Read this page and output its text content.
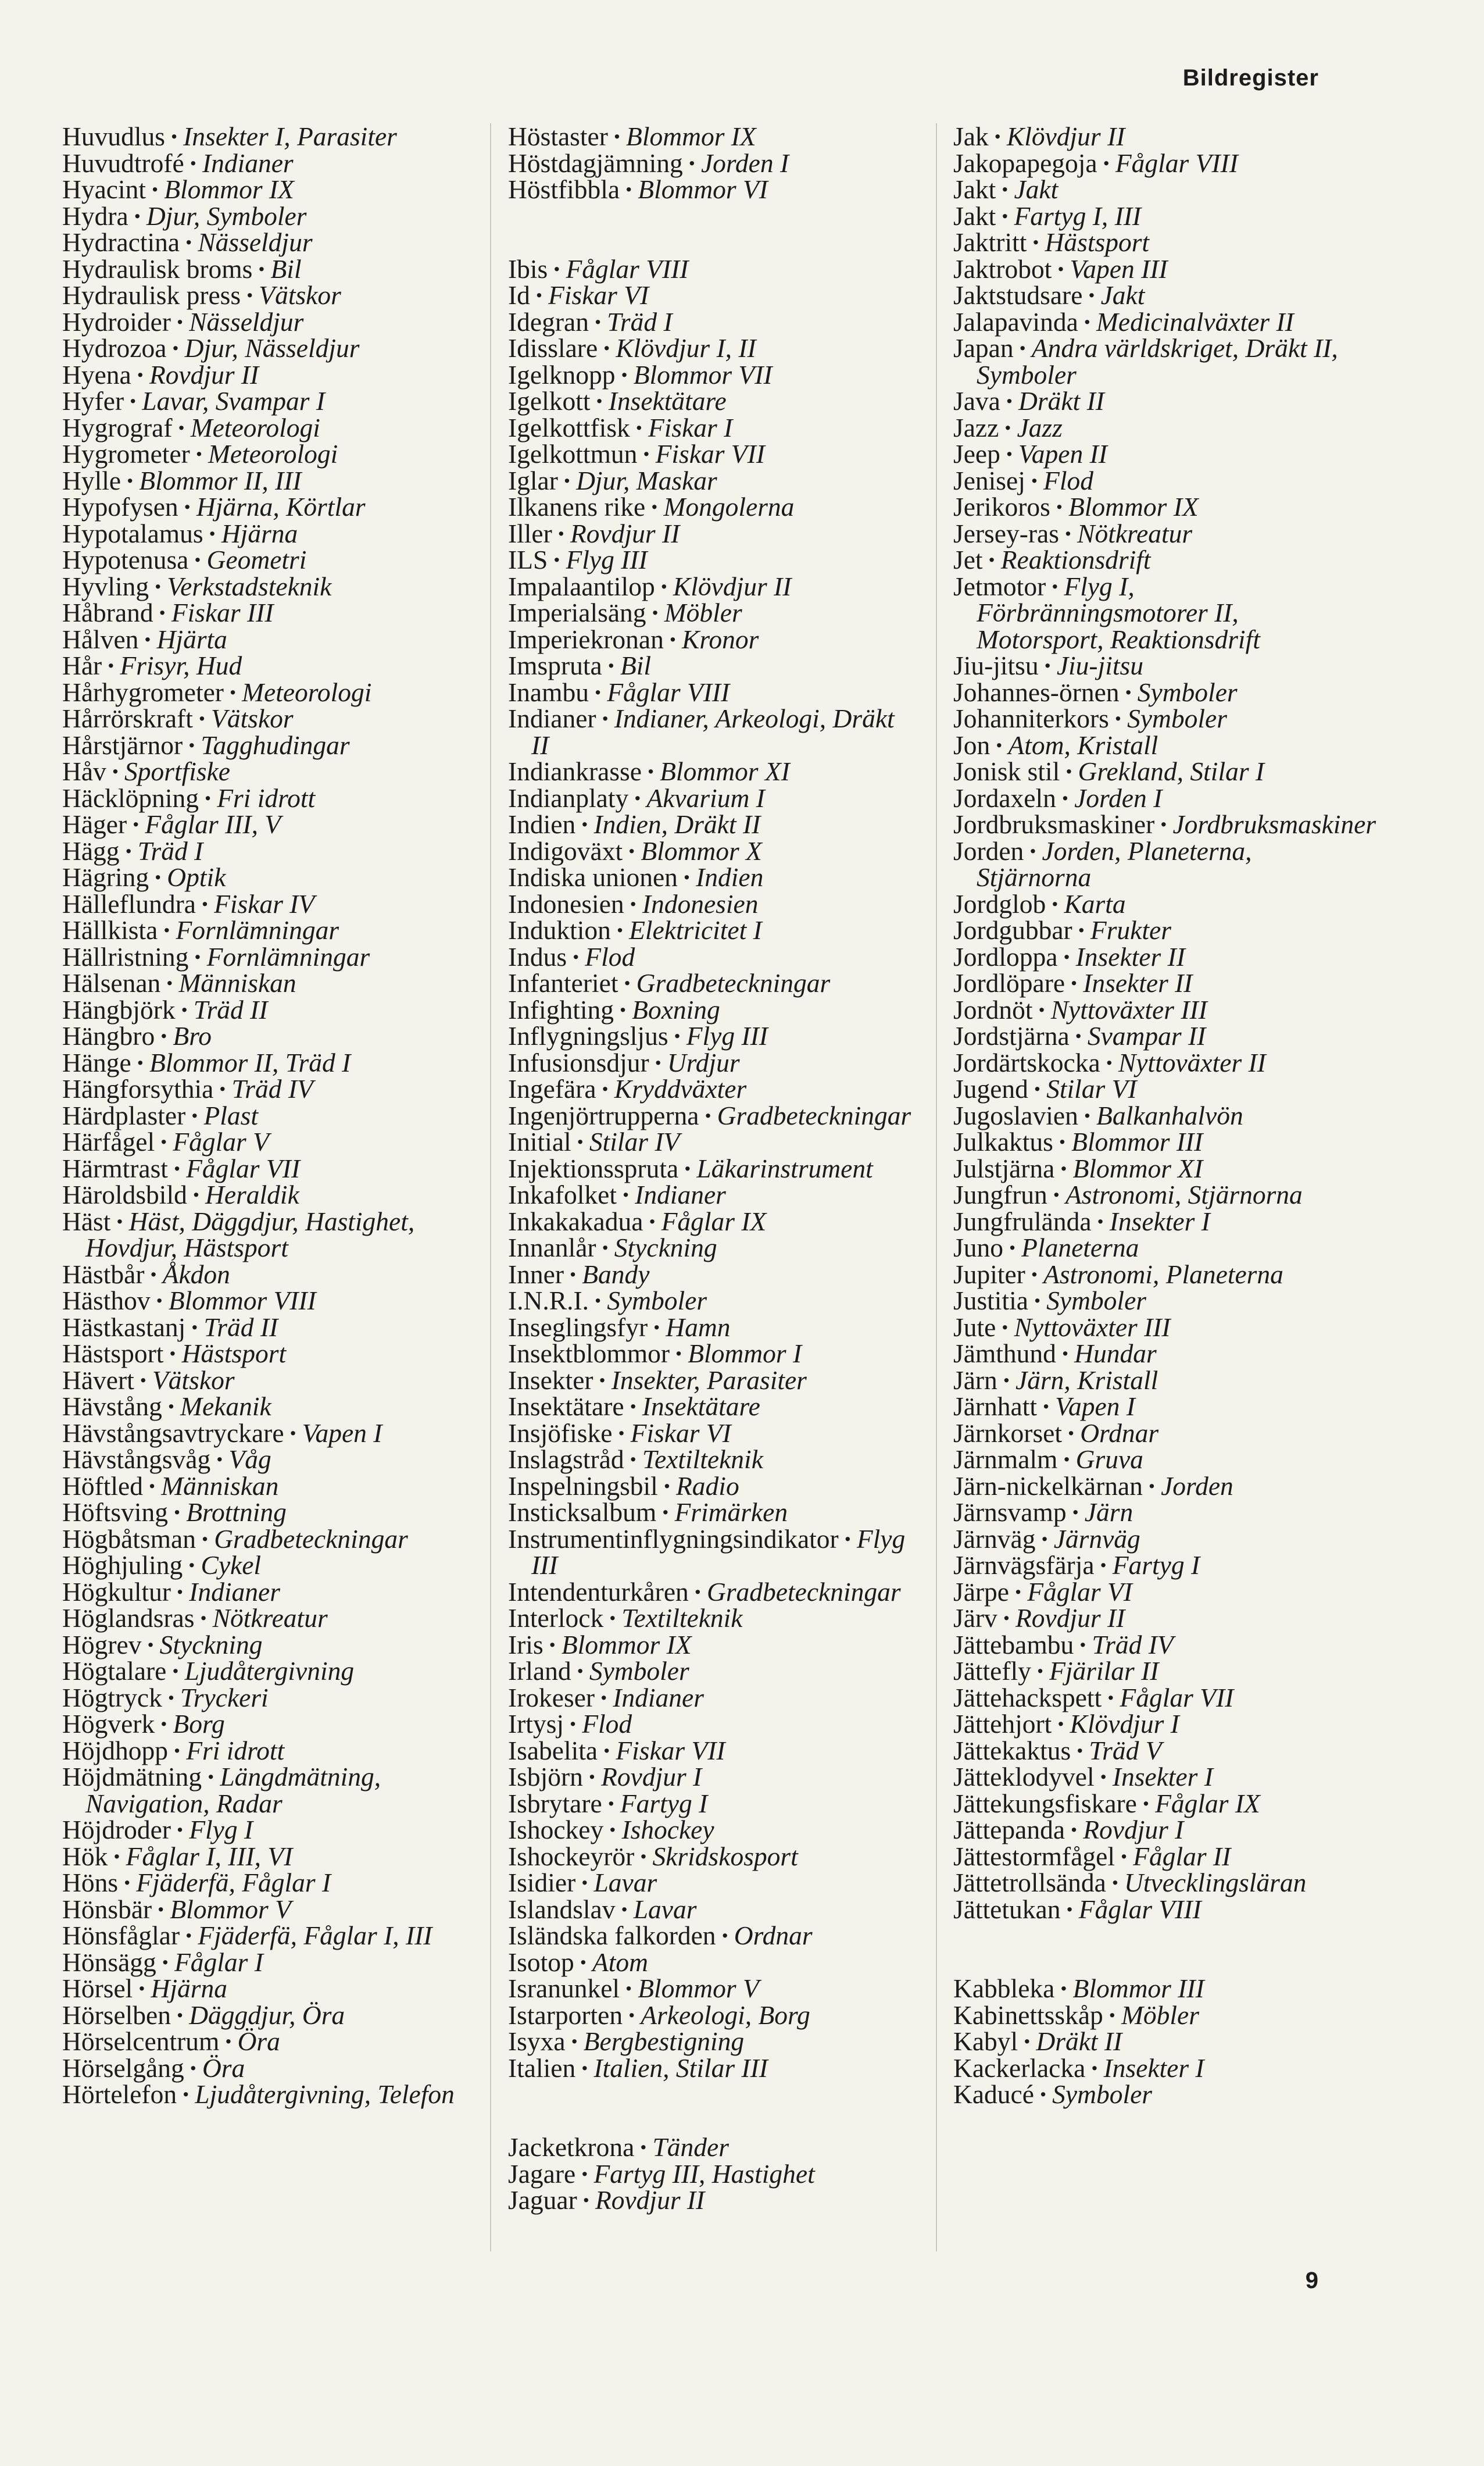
Bildregister

Huvudlus · Insekter I, Parasiter

Huvudtrofé · Indianer

Hyacint · Blommor IX

Hydra · Djur, Symboler

Hydractina · Nässeldjur

Hydraulisk broms · Bil

Hydraulisk press · Vätskor

Hydroider · Nässeldjur

Hydrozoa · Djur, Nässeldjur

Hyena · Rovdjur II

Hyfer · Lavar, Svampar I

Hygrograf · Meteorologi

Hygrometer · Meteorologi

Hylle · Blommor II, III

Hypofysen · Hjärna, Körtlar

Hypotalamus · Hjärna

Hypotenusa · Geometri

Hyvling · Verkstadsteknik

Håbrand · Fiskar III

Hålven · Hjärta

Hår · Frisyr, Hud

Hårhygrometer · Meteorologi

Hårrörskraft · Vätskor

Hårstjärnor · Tagghudingar

Håv · Sportfiske

Häcklöpning · Fri idrott

Häger · Fåglar III, V

Hägg · Träd I

Hägring · Optik

Hälleflundra · Fiskar IV

Hällkista · Fornlämningar

Hällristning · Fornlämningar

Hälsenan · Människan

Hängbjörk · Träd II

Hängbro · Bro

Hänge · Blommor II, Träd I

Hängforsythia · Träd IV

Härdplaster · Plast

Härfågel · Fåglar V

Härmtrast · Fåglar VII

Häroldsbild · Heraldik

Häst · Häst, Däggdjur, Hastighet, Hovdjur, Hästsport

Hästbår · Åkdon

Hästhov · Blommor VIII

Hästkastanj · Träd II

Hästsport · Hästsport

Hävert · Vätskor

Hävstång · Mekanik

Hävstångsavtryckare · Vapen I

Hävstångsvåg · Våg

Höftled · Människan

Höftsving · Brottning

Högbåtsman · Gradbeteckningar

Höghjuling · Cykel

Högkultur · Indianer

Höglandsras · Nötkreatur

Högrev · Styckning

Högtalare · Ljudåtergivning

Högtryck · Tryckeri

Högverk · Borg

Höjdhopp · Fri idrott

Höjdmätning · Längdmätning, Navigation, Radar

Höjdroder · Flyg I

Hök · Fåglar I, III, VI

Höns · Fjäderfä, Fåglar I

Hönsbär · Blommor V

Hönsfåglar · Fjäderfä, Fåglar I, III

Hönsägg · Fåglar I

Hörsel · Hjärna

Hörselben · Däggdjur, Öra

Hörselcentrum · Öra

Hörselgång · Öra

Hörtelefon · Ljudåtergivning, Telefon

Höstaster · Blommor IX

Höstdagjämning · Jorden I

Höstfibbla · Blommor VI

Ibis · Fåglar VIII

Id · Fiskar VI

Idegran · Träd I

Idisslare · Klövdjur I, II

Igelknopp · Blommor VII

Igelkott · Insektätare

Igelkottfisk · Fiskar I

Igelkottmun · Fiskar VII

Iglar · Djur, Maskar

Ilkanens rike · Mongolerna

Iller · Rovdjur II

ILS · Flyg III

Impalaantilop · Klövdjur II

Imperialsäng · Möbler

Imperiekronan · Kronor

Imspruta · Bil

Inambu · Fåglar VIII

Indianer · Indianer, Arkeologi, Dräkt II

Indiankrasse · Blommor XI

Indianplaty · Akvarium I

Indien · Indien, Dräkt II

Indigoväxt · Blommor X

Indiska unionen · Indien

Indonesien · Indonesien

Induktion · Elektricitet I

Indus · Flod

Infanteriet · Gradbeteckningar

Infighting · Boxning

Inflygningsljus · Flyg III

Infusionsdjur · Urdjur

Ingefära · Kryddväxter

Ingenjörtrupperna · Gradbeteckningar

Initial · Stilar IV

Injektionsspruta · Läkarinstrument

Inkafolket · Indianer

Inkakakadua · Fåglar IX

Innanlår · Styckning

Inner · Bandy

I.N.R.I. · Symboler

Inseglingsfyr · Hamn

Insektblommor · Blommor I

Insekter · Insekter, Parasiter

Insektätare · Insektätare

Insjöfiske · Fiskar VI

Inslagstråd · Textilteknik

Inspelningsbil · Radio

Insticksalbum · Frimärken

Instrumentinflygningsindikator · Flyg III

Intendenturkåren · Gradbeteckningar

Interlock · Textilteknik

Iris · Blommor IX

Irland · Symboler

Irokeser · Indianer

Irtysj · Flod

Isabelita · Fiskar VII

Isbjörn · Rovdjur I

Isbrytare · Fartyg I

Ishockey · Ishockey

Ishockeyrör · Skridskosport

Isidier · Lavar

Islandslav · Lavar

Isländska falkorden · Ordnar

Isotop · Atom

Isranunkel · Blommor V

Istarporten · Arkeologi, Borg

Isyxa · Bergbestigning

Italien · Italien, Stilar III

Jacketkrona · Tänder

Jagare · Fartyg III, Hastighet

Jaguar · Rovdjur II

Jak · Klövdjur II

Jakopapegoja · Fåglar VIII

Jakt · Jakt

Jakt · Fartyg I, III

Jaktritt · Hästsport

Jaktrobot · Vapen III

Jaktstudsare · Jakt

Jalapavinda · Medicinalväxter II

Japan · Andra världskriget, Dräkt II, Symboler

Java · Dräkt II

Jazz · Jazz

Jeep · Vapen II

Jenisej · Flod

Jerikoros · Blommor IX

Jersey-ras · Nötkreatur

Jet · Reaktionsdrift

Jetmotor · Flyg I, Förbränningsmotorer II, Motorsport, Reaktionsdrift

Jiu-jitsu · Jiu-jitsu

Johannes-örnen · Symboler

Johanniterkors · Symboler

Jon · Atom, Kristall

Jonisk stil · Grekland, Stilar I

Jordaxeln · Jorden I

Jordbruksmaskiner · Jordbruksmaskiner

Jorden · Jorden, Planeterna, Stjärnorna

Jordglob · Karta

Jordgubbar · Frukter

Jordloppa · Insekter II

Jordlöpare · Insekter II

Jordnöt · Nyttoväxter III

Jordstjärna · Svampar II

Jordärtskocka · Nyttoväxter II

Jugend · Stilar VI

Jugoslavien · Balkanhalvön

Julkaktus · Blommor III

Julstjärna · Blommor XI

Jungfrun · Astronomi, Stjärnorna

Jungfrulända · Insekter I

Juno · Planeterna

Jupiter · Astronomi, Planeterna

Justitia · Symboler

Jute · Nyttoväxter III

Jämthund · Hundar

Järn · Järn, Kristall

Järnhatt · Vapen I

Järnkorset · Ordnar

Järnmalm · Gruva

Järn-nickelkärnan · Jorden

Järnsvamp · Järn

Järnväg · Järnväg

Järnvägsfärja · Fartyg I

Järpe · Fåglar VI

Järv · Rovdjur II

Jättebambu · Träd IV

Jättefly · Fjärilar II

Jättehackspett · Fåglar VII

Jättehjort · Klövdjur I

Jättekaktus · Träd V

Jätteklodyvel · Insekter I

Jättekungsfiskare · Fåglar IX

Jättepanda · Rovdjur I

Jättestormfågel · Fåglar II

Jättetrollsända · Utvecklingsläran

Jättetukan · Fåglar VIII

Kabbleka · Blommor III

Kabinettsskåp · Möbler

Kabyl · Dräkt II

Kackerlacka · Insekter I

Kaducé · Symboler

9
